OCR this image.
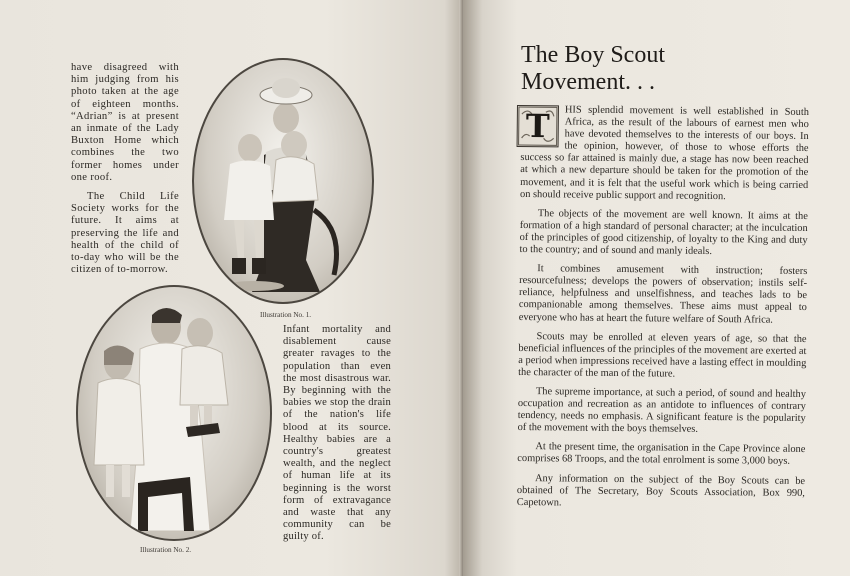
have disagreed with him judging from his photo taken at the age of eighteen months. “Adrian” is at present an inmate of the Lady Buxton Home which combines the two former homes under one roof.

The Child Life Society works for the future. It aims at preserving the life and health of the child of to-day who will be the citizen of to-morrow.

Illustration No. 1.
Illustration No. 2.

Infant mortality and disablement cause greater ravages to the population than even the most disastrous war. By beginning with the babies we stop the drain of the nation's life blood at its source. Healthy babies are a country's greatest wealth, and the neglect of human life at its beginning is the worst form of extravagance and waste that any community can be guilty of.

The Boy Scout
Movement. . .

T	HIS splendid movement is well established in South Africa, as the result of the labours of earnest men who have devoted themselves to the interests of our boys. In the opinion, however, of those to whose efforts the success so far attained is mainly due, a stage has now been reached at which a new departure should be taken for the promotion of the movement, and it is felt that the useful work which is being carried on should receive public support and recognition.

The objects of the movement are well known. It aims at the formation of a high standard of personal character; at the inculcation of the principles of good citizenship, of loyalty to the King and duty to the country; and of sound and manly ideals.

It combines amusement with instruction; fosters resourcefulness; develops the powers of observation; instils self-reliance, helpfulness and unselfishness, and teaches lads to be companionable among themselves. These aims must appeal to everyone who has at heart the future welfare of South Africa.

Scouts may be enrolled at eleven years of age, so that the beneficial influences of the principles of the movement are exerted at a period when impressions received have a lasting effect in moulding the character of the man of the future.

The supreme importance, at such a period, of sound and healthy occupation and recreation as an antidote to influences of contrary tendency, needs no emphasis. A significant feature is the popularity of the movement with the boys themselves.

At the present time, the organisation in the Cape Province alone comprises 68 Troops, and the total enrolment is some 3,000 boys.

Any information on the subject of the Boy Scouts can be obtained of The Secretary, Boy Scouts Association, Box 990, Capetown.
